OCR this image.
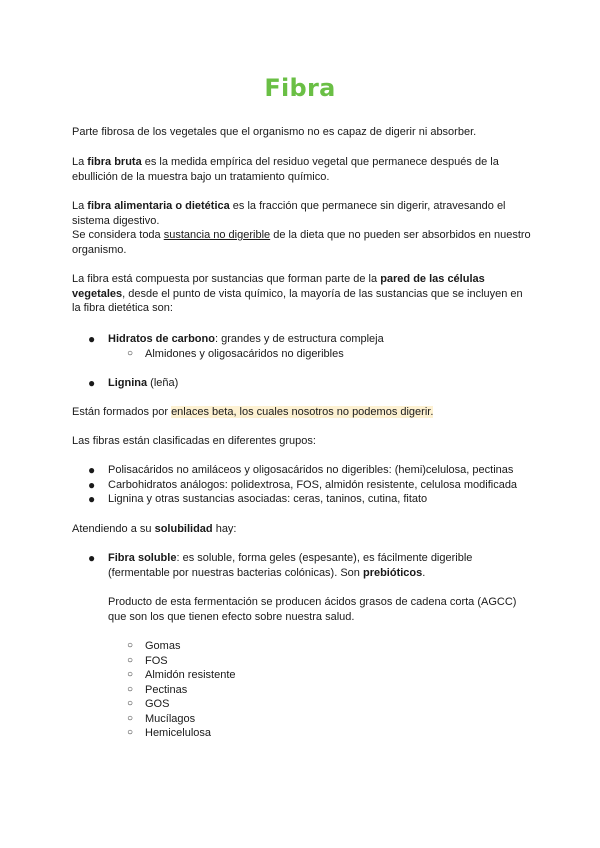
Fibra

Parte fibrosa de los vegetales que el organismo no es capaz de digerir ni absorber.

La fibra bruta es la medida empírica del residuo vegetal que permanece después de la ebullición de la muestra bajo un tratamiento químico.

La fibra alimentaria o dietética es la fracción que permanece sin digerir, atravesando el sistema digestivo.

Se considera toda sustancia no digerible de la dieta que no pueden ser absorbidos en nuestro organismo.

La fibra está compuesta por sustancias que forman parte de la pared de las células vegetales, desde el punto de vista químico, la mayoría de las sustancias que se incluyen en la fibra dietética son:

● Hidratos de carbono: grandes y de estructura compleja
○	Almidones y oligosacáridos no digeribles
● Lignina (leña)

Están formados por enlaces beta, los cuales nosotros no podemos digerir.

Las fibras están clasificadas en diferentes grupos:

● Polisacáridos no amiláceos y oligosacáridos no digeribles: (hemi)celulosa, pectinas
● Carbohidratos análogos: polidextrosa, FOS, almidón resistente, celulosa modificada
● Lignina y otras sustancias asociadas: ceras, taninos, cutina, fitato

Atendiendo a su solubilidad hay:

● Fibra soluble: es soluble, forma geles (espesante), es fácilmente digerible (fermentable por nuestras bacterias colónicas). Son prebióticos.
Producto de esta fermentación se producen ácidos grasos de cadena corta (AGCC) que son los que tienen efecto sobre nuestra salud.
○	Gomas
○	FOS
○	Almidón resistente
○	Pectinas
○	GOS
○	Mucílagos
○	Hemicelulosa
